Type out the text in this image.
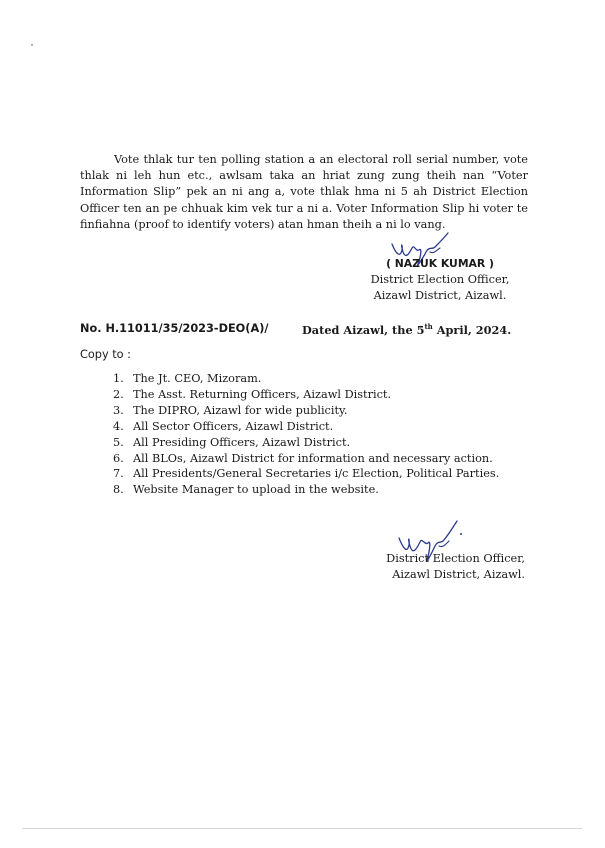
Vote thlak tur ten polling station a an electoral roll serial number, vote thlak ni leh hun etc., awlsam taka an hriat zung zung theih nan “Voter Information Slip” pek an ni ang a, vote thlak hma ni 5 ah District Election Officer ten an pe chhuak kim vek tur a ni a. Voter Information Slip hi voter te finfiahna (proof to identify voters) atan hman theih a ni lo vang.

( NAZUK KUMAR )
District Election Officer,
Aizawl District, Aizawl.
No. H.11011/35/2023-DEO(A)/	Dated Aizawl, the 5th April, 2024.
Copy to :
1. The Jt. CEO, Mizoram.
2. The Asst. Returning Officers, Aizawl District.
3. The DIPRO, Aizawl for wide publicity.
4. All Sector Officers, Aizawl District.
5. All Presiding Officers, Aizawl District.
6. All BLOs, Aizawl District for information and necessary action.
7. All Presidents/General Secretaries i/c Election, Political Parties.
8. Website Manager to upload in the website.
District Election Officer,
Aizawl District, Aizawl.
